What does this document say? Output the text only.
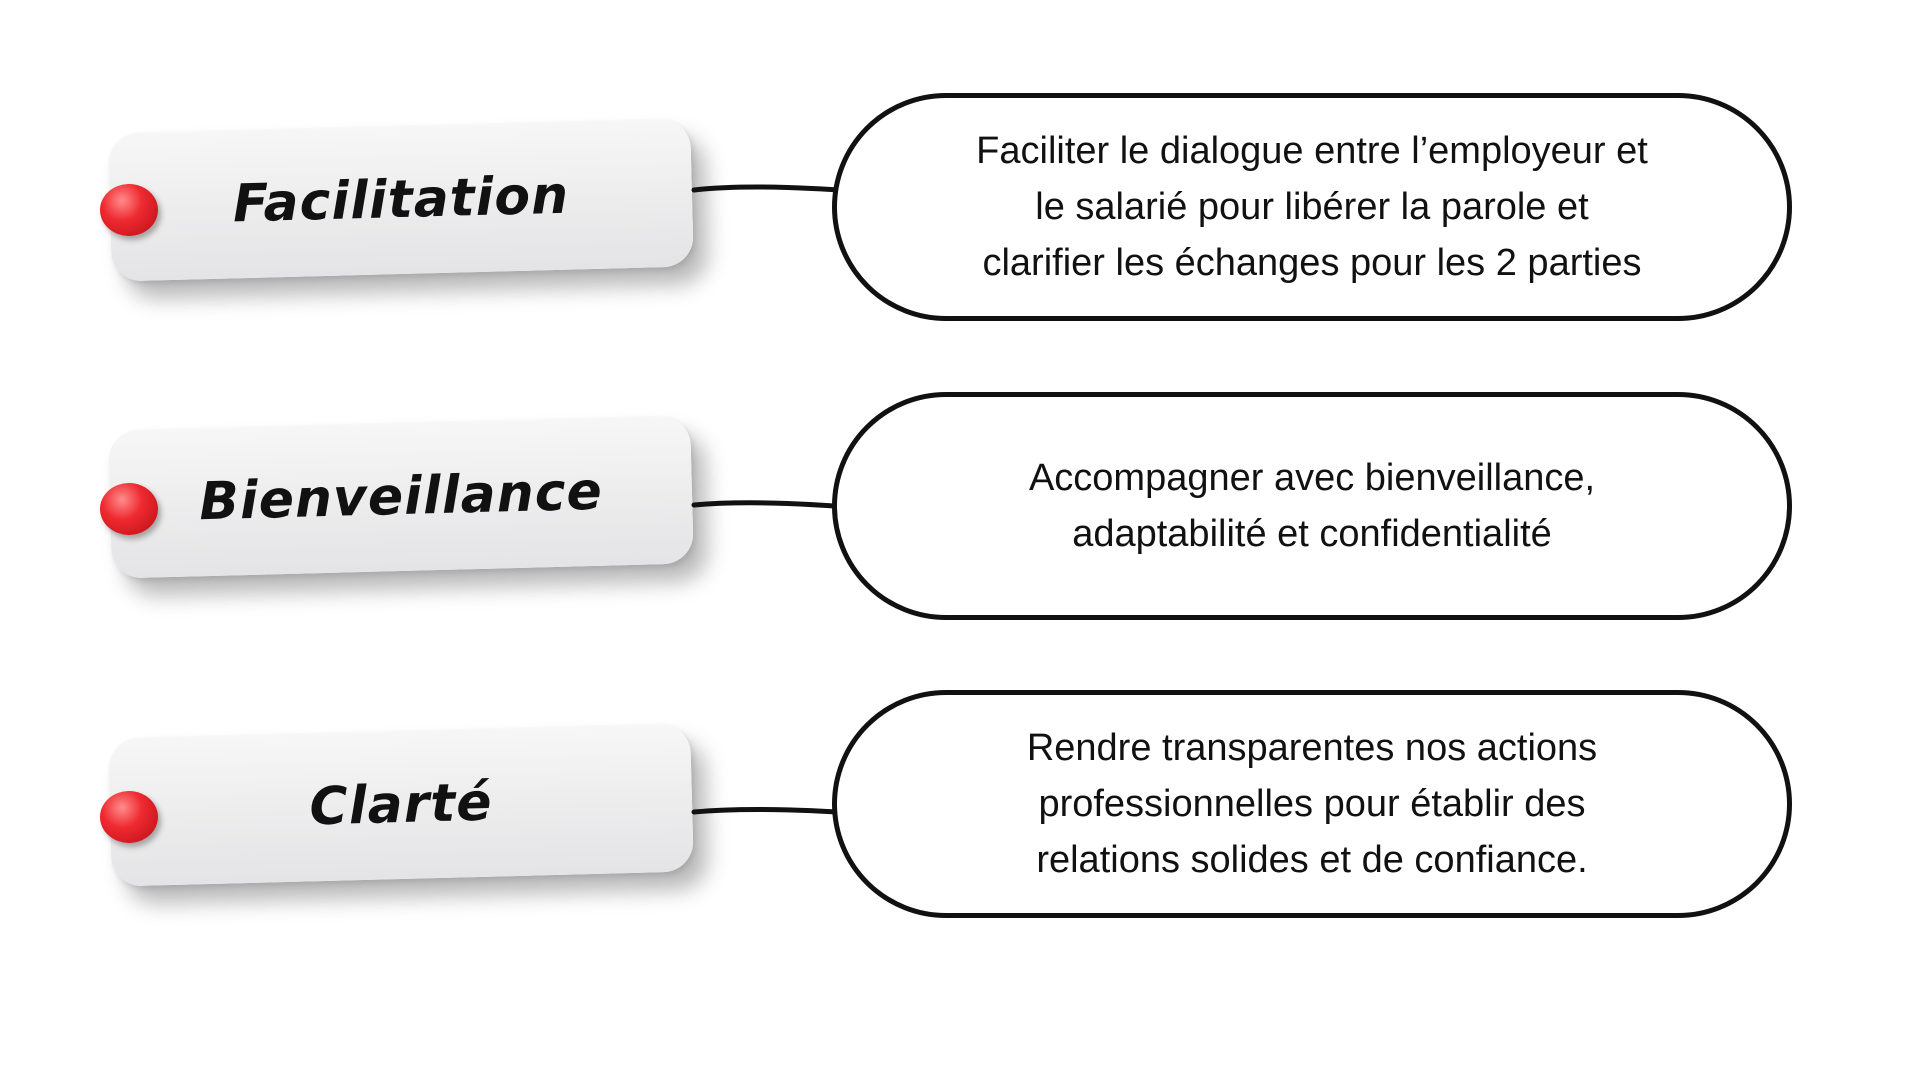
Facilitation
Faciliter le dialogue entre l’employeur et
le salarié pour libérer la parole et
clarifier les échanges pour les 2 parties
Bienveillance	Accompagner avec bienveillance,
adaptabilité et confidentialité
Clarté
Rendre transparentes nos actions
professionnelles pour établir des
relations solides et de confiance.
